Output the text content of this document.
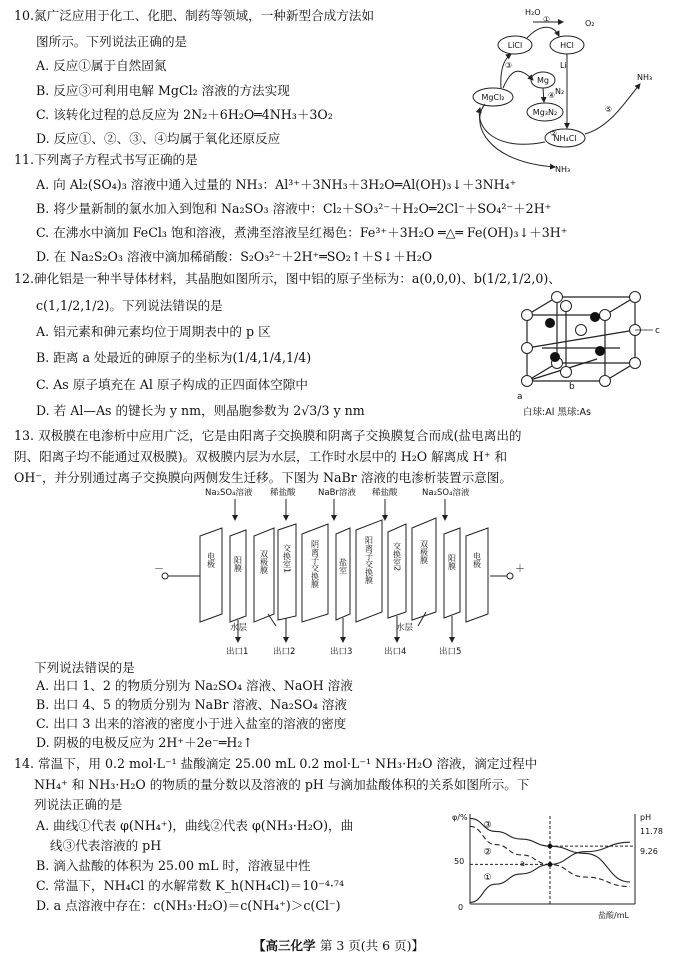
10.氮广泛应用于化工、化肥、制药等领域，一种新型合成方法如
图所示。下列说法正确的是
A. 反应①属于自然固氮
B. 反应③可利用电解 MgCl₂ 溶液的方法实现
C. 该转化过程的总反应为 2N₂＋6H₂O═4NH₃＋3O₂
D. 反应①、②、③、④均属于氧化还原反应
LiCl	HCl
MgCl₂
Mg
Mg₃N₂
NH₄Cl
H₂O
O₂
Li
N₂
NH₃
NH₃
①
②
③
④
⑤
11.下列离子方程式书写正确的是
A. 向 Al₂(SO₄)₃ 溶液中通入过量的 NH₃：Al³⁺＋3NH₃＋3H₂O═Al(OH)₃↓＋3NH₄⁺
B. 将少量新制的氯水加入到饱和 Na₂SO₃ 溶液中：Cl₂＋SO₃²⁻＋H₂O═2Cl⁻＋SO₄²⁻＋2H⁺
C. 在沸水中滴加 FeCl₃ 饱和溶液，煮沸至溶液呈红褐色：Fe³⁺＋3H₂O ═△═ Fe(OH)₃↓＋3H⁺
D. 在 Na₂S₂O₃ 溶液中滴加稀硝酸：S₂O₃²⁻＋2H⁺═SO₂↑＋S↓＋H₂O
12.砷化铝是一种半导体材料，其晶胞如图所示，图中铝的原子坐标为：a(0,0,0)、b(1/2,1/2,0)、
c(1,1/2,1/2)。下列说法错误的是
A. 铝元素和砷元素均位于周期表中的 p 区
B. 距离 a 处最近的砷原子的坐标为(1/4,1/4,1/4)
C. As 原子填充在 Al 原子构成的正四面体空隙中
D. 若 Al—As 的键长为 y nm，则晶胞参数为 2√3/3 y nm
a
b
c
白球:Al 黑球:As
13. 双极膜在电渗析中应用广泛，它是由阳离子交换膜和阴离子交换膜复合而成(盐电离出的
阴、阳离子均不能通过双极膜)。双极膜内层为水层，工作时水层中的 H₂O 解离成 H⁺ 和
OH⁻，并分别通过离子交换膜向两侧发生迁移。下图为 NaBr 溶液的电渗析装置示意图。
Na₂SO₄溶液 稀盐酸	NaBr溶液 稀盐酸	Na₂SO₄溶液
－	＋
电极 阳膜 双极膜 交换室1 阴离子交换膜 盐室 阳离子交换膜 交换室2 双极膜 阳膜 电极
出口1	出口2	出口3	出口4	出口5
水层	水层
下列说法错误的是
A. 出口 1、2 的物质分别为 Na₂SO₄ 溶液、NaOH 溶液
B. 出口 4、5 的物质分别为 NaBr 溶液、Na₂SO₄ 溶液
C. 出口 3 出来的溶液的密度小于进入盐室的溶液的密度
D. 阴极的电极反应为 2H⁺＋2e⁻═H₂↑
14. 常温下，用 0.2 mol·L⁻¹ 盐酸滴定 25.00 mL 0.2 mol·L⁻¹ NH₃·H₂O 溶液，滴定过程中
NH₄⁺ 和 NH₃·H₂O 的物质的量分数以及溶液的 pH 与滴加盐酸体积的关系如图所示。下
列说法正确的是
A. 曲线①代表 φ(NH₄⁺)，曲线②代表 φ(NH₃·H₂O)，曲
线③代表溶液的 pH
B. 滴入盐酸的体积为 25.00 mL 时，溶液显中性
C. 常温下，NH₄Cl 的水解常数 K_h(NH₄Cl)＝10⁻⁴·⁷⁴
D. a 点溶液中存在：c(NH₃·H₂O)＝c(NH₄⁺)＞c(Cl⁻)
φ/%	pH
50
0
11.78
9.26
盐酸/mL
a
①
②
③
【高三化学 第 3 页(共 6 页)】
